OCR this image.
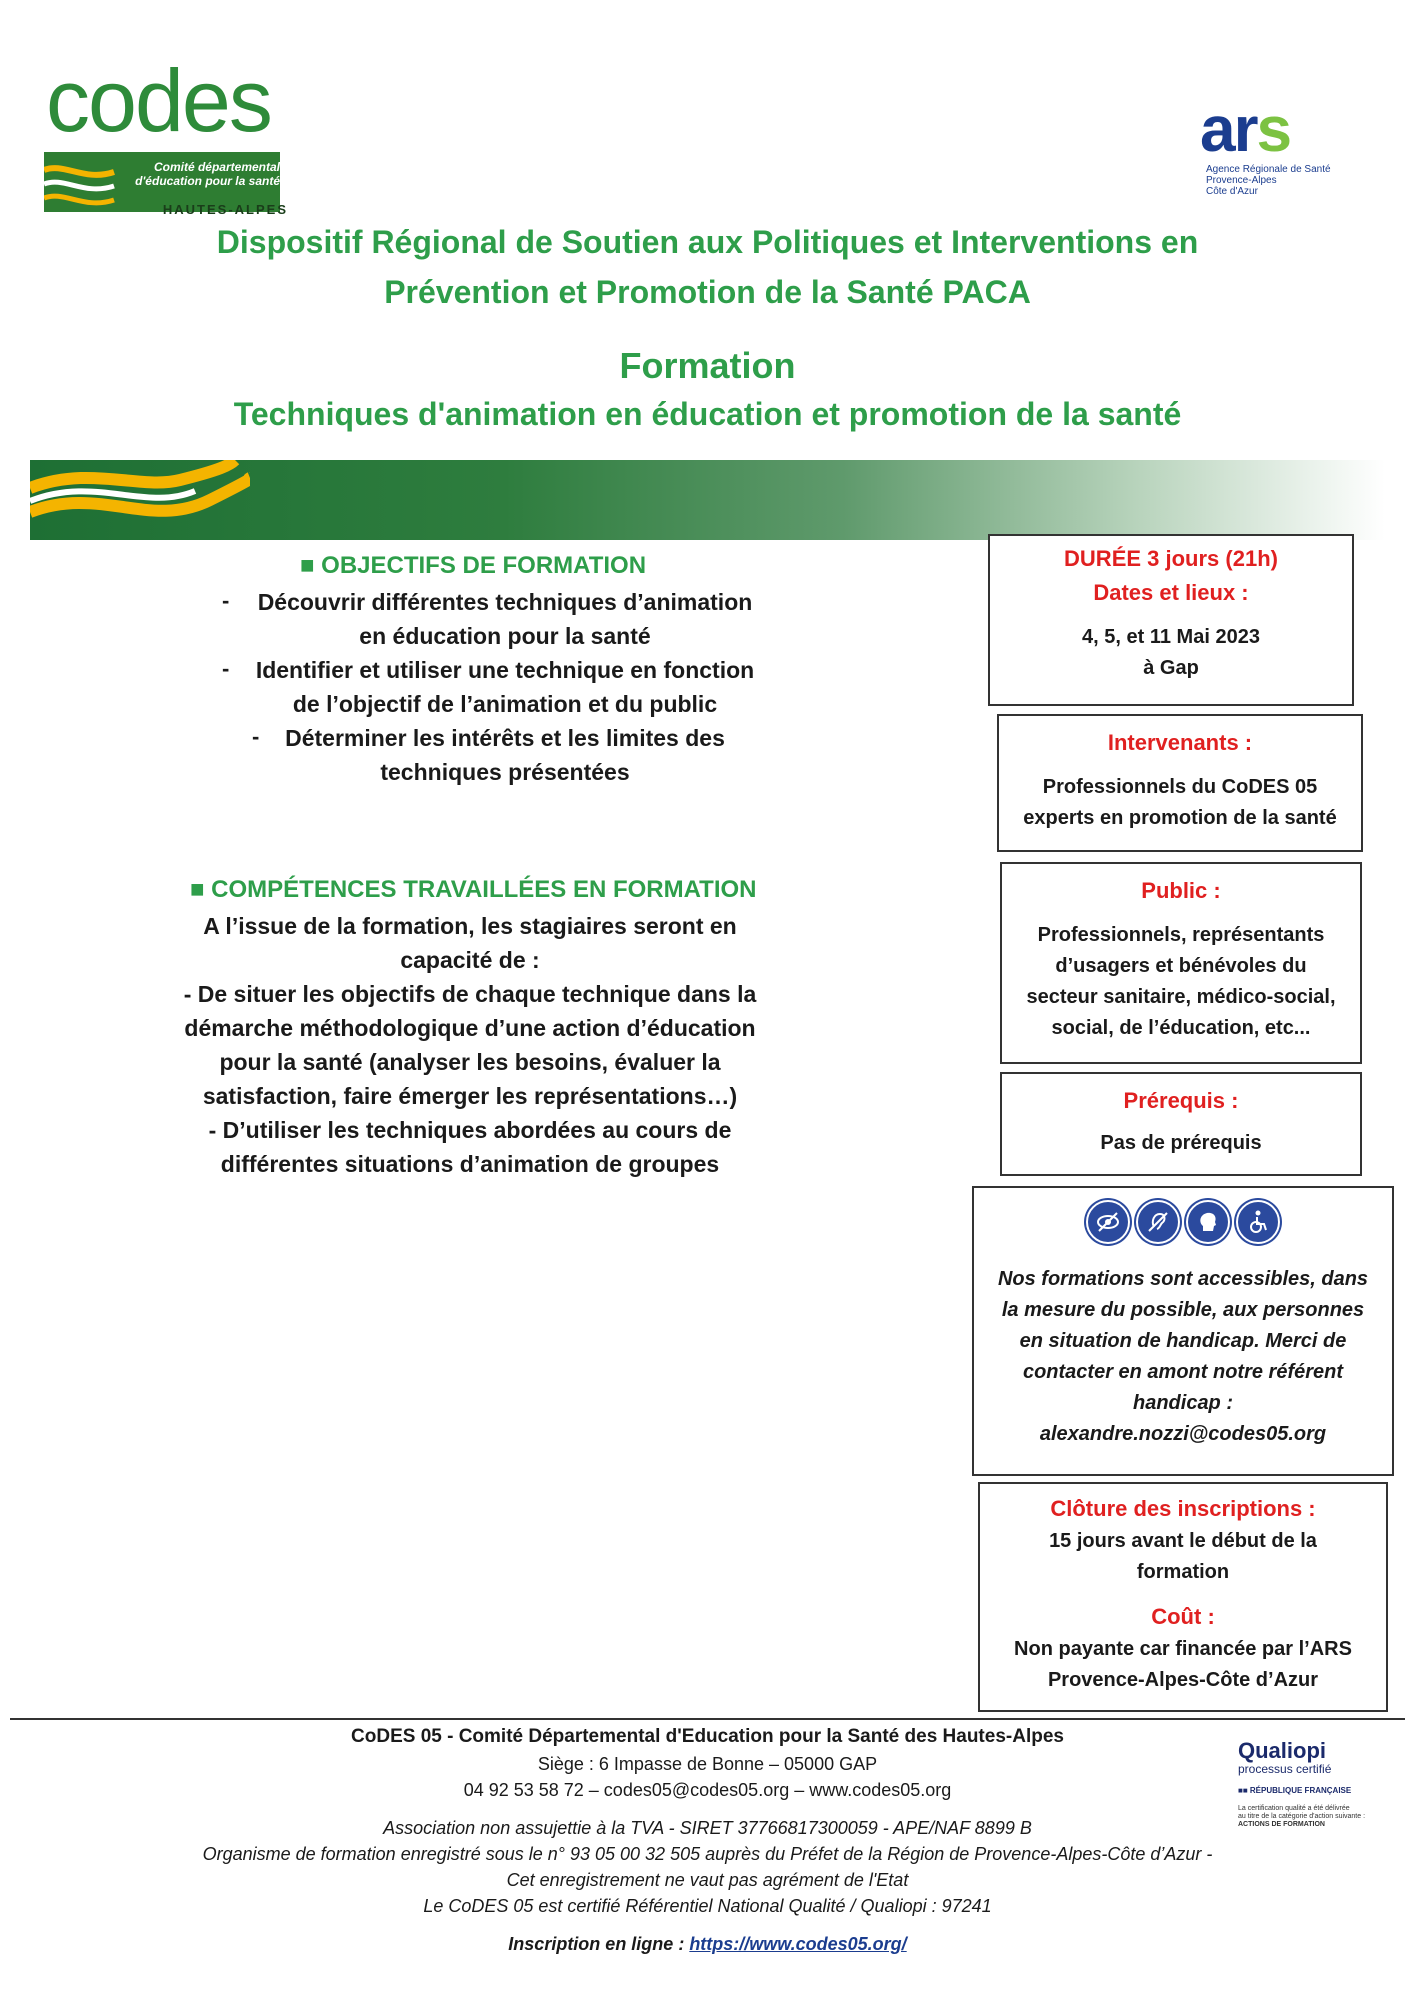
codes
Comité départemental d'éducation pour la santé
HAUTES-ALPES
ars
Agence Régionale de Santé
Provence-Alpes
Côte d'Azur
Dispositif Régional de Soutien aux Politiques et Interventions en
Prévention et Promotion de la Santé PACA
Formation
Techniques d'animation en éducation et promotion de la santé
■ OBJECTIFS DE FORMATION
Découvrir différentes techniques d’animation
en éducation pour la santé
-
Identifier et utiliser une technique en fonction
de l’objectif de l’animation et du public
-
Déterminer les intérêts et les limites des
techniques présentées
-
■ COMPÉTENCES TRAVAILLÉES EN FORMATION
A l’issue de la formation, les stagiaires seront en
capacité de :
- De situer les objectifs de chaque technique dans la
démarche méthodologique d’une action d’éducation
pour la santé (analyser les besoins, évaluer la
satisfaction, faire émerger les représentations…)
- D’utiliser les techniques abordées au cours de
différentes situations d’animation de groupes
DURÉE 3 jours (21h)
Dates et lieux :
4, 5, et 11 Mai 2023
à Gap
Intervenants :
Professionnels du CoDES 05
experts en promotion de la santé
Public :
Professionnels, représentants
d’usagers et bénévoles du
secteur sanitaire, médico-social,
social, de l’éducation, etc...
Prérequis :
Pas de prérequis
Nos formations sont accessibles, dans
la mesure du possible, aux personnes
en situation de handicap. Merci de
contacter en amont notre référent
handicap :
alexandre.nozzi@codes05.org
Clôture des inscriptions :
15 jours avant le début de la
formation
Coût :
Non payante car financée par l’ARS
Provence-Alpes-Côte d’Azur
CoDES 05 - Comité Départemental d'Education pour la Santé des Hautes-Alpes
Siège : 6 Impasse de Bonne – 05000 GAP
04 92 53 58 72 – codes05@codes05.org – www.codes05.org
Association non assujettie à la TVA - SIRET 37766817300059 - APE/NAF 8899 B
Organisme de formation enregistré sous le n° 93 05 00 32 505 auprès du Préfet de la Région de Provence-Alpes-Côte d’Azur -
Cet enregistrement ne vaut pas agrément de l'Etat
Le CoDES 05 est certifié Référentiel National Qualité / Qualiopi : 97241
Inscription en ligne : https://www.codes05.org/
Qualiopi
processus certifié
■■ RÉPUBLIQUE FRANÇAISE
La certification qualité a été délivrée
au titre de la catégorie d'action suivante :
ACTIONS DE FORMATION
